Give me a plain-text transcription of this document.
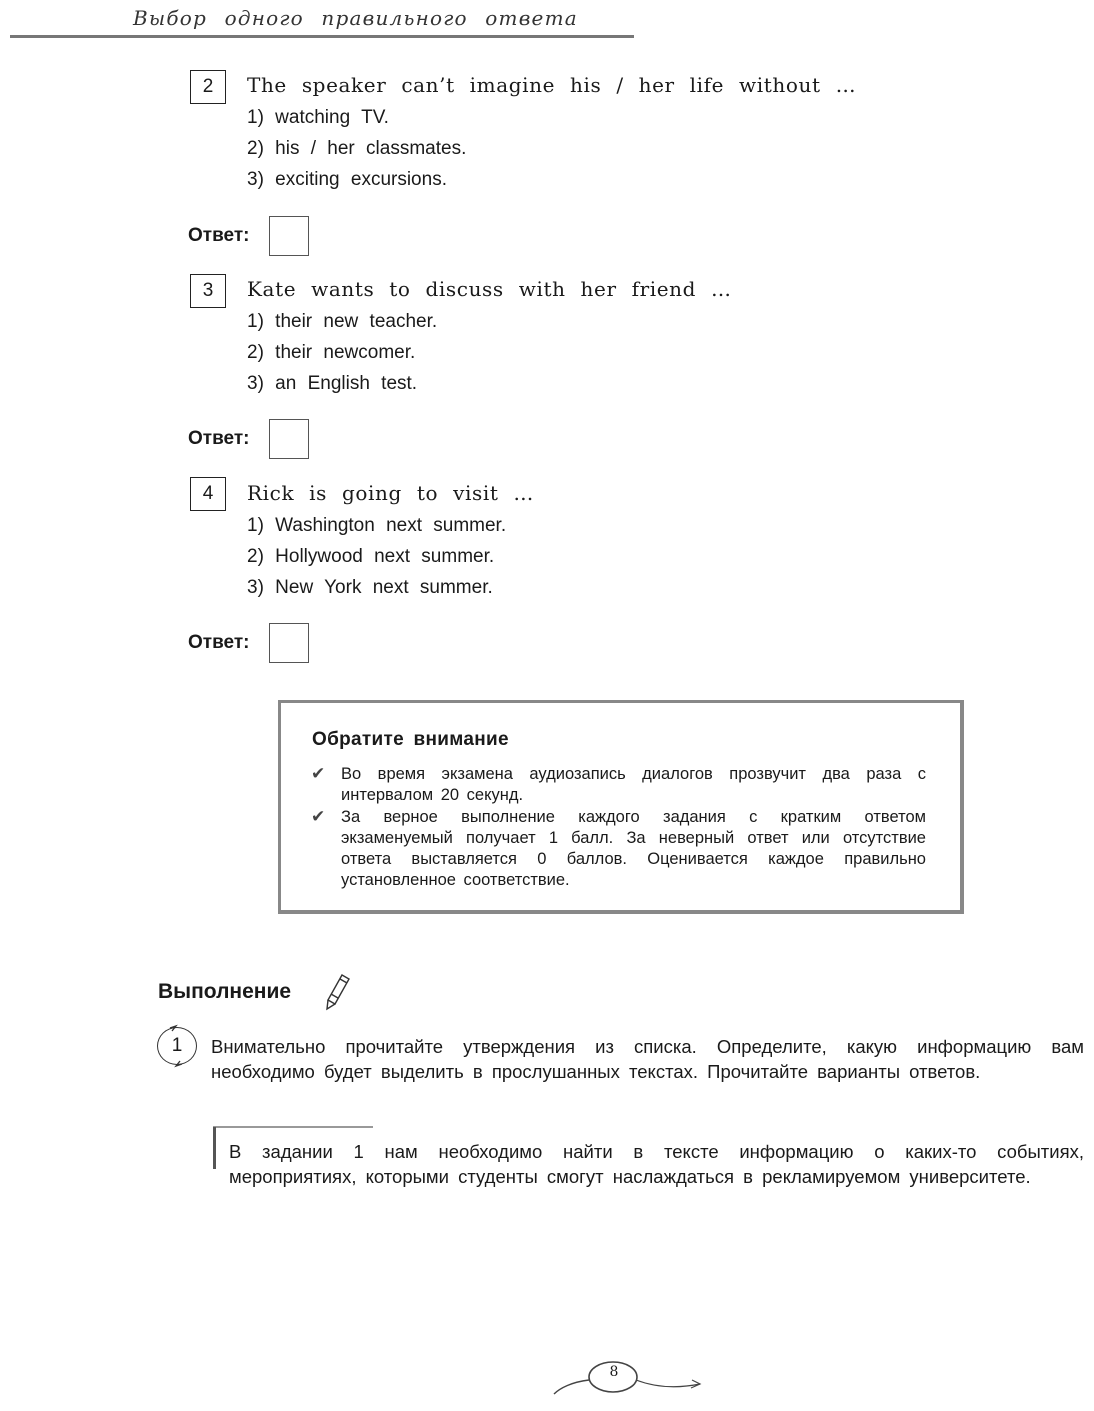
Выбор одного правильного ответа
2	The speaker can’t imagine his / her life without …
1) watching TV.
2) his / her classmates.
3) exciting excursions.
Ответ:
3	Kate wants to discuss with her friend …
1) their new teacher.
2) their newcomer.
3) an English test.
Ответ:
4	Rick is going to visit …
1) Washington next summer.
2) Hollywood next summer.
3) New York next summer.
Ответ:
Обратите внимание
✔ Во время экзамена аудиозапись диалогов прозвучит два раза с интервалом 20 секунд.
✔ За верное выполнение каждого задания с кратким ответом экзаменуемый получает 1 балл. За неверный ответ или отсутствие ответа выставляется 0 баллов. Оценивается каждое правильно установленное соответствие.
Выполнение
1	Внимательно прочитайте утверждения из списка. Определите, какую информацию вам необходимо будет выделить в прослушанных текстах. Прочитайте варианты ответов.
В задании 1 нам необходимо найти в тексте информацию о каких-то событиях, мероприятиях, которыми студенты смогут наслаждаться в рекламируемом университете.
8
